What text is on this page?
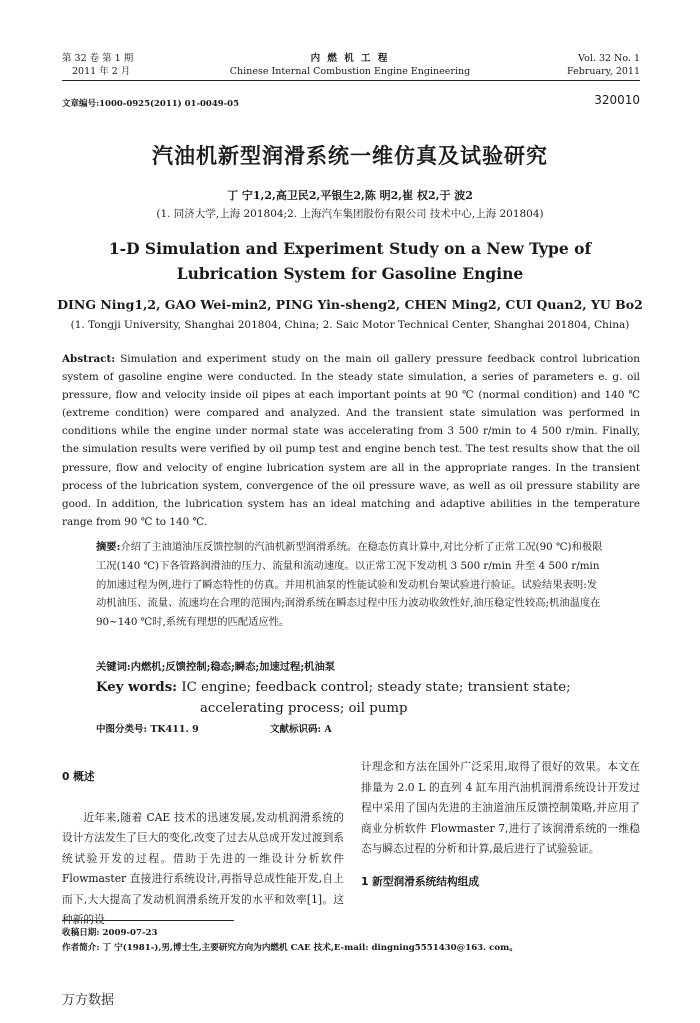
第 32 卷 第 1 期
2011 年 2 月
内 燃 机 工 程
Chinese Internal Combustion Engine Engineering
Vol. 32 No. 1
February, 2011
文章编号:1000-0925(2011) 01-0049-05	320010
汽油机新型润滑系统一维仿真及试验研究
丁 宁1,2,高卫民2,平银生2,陈 明2,崔 权2,于 波2
(1. 同济大学,上海 201804;2. 上海汽车集团股份有限公司 技术中心,上海 201804)
1-D Simulation and Experiment Study on a New Type of
Lubrication System for Gasoline Engine
DING Ning1,2, GAO Wei-min2, PING Yin-sheng2, CHEN Ming2, CUI Quan2, YU Bo2
(1. Tongji University, Shanghai 201804, China; 2. Saic Motor Technical Center, Shanghai 201804, China)
Abstract: Simulation and experiment study on the main oil gallery pressure feedback control lubrication system of gasoline engine were conducted. In the steady state simulation, a series of parameters e. g. oil pressure, flow and velocity inside oil pipes at each important points at 90 ℃ (normal condition) and 140 ℃ (extreme condition) were compared and analyzed. And the transient state simulation was performed in conditions while the engine under normal state was accelerating from 3 500 r/min to 4 500 r/min. Finally, the simulation results were verified by oil pump test and engine bench test. The test results show that the oil pressure, flow and velocity of engine lubrication system are all in the appropriate ranges. In the transient process of the lubrication system, convergence of the oil pressure wave, as well as oil pressure stability are good. In addition, the lubrication system has an ideal matching and adaptive abilities in the temperature range from 90 ℃ to 140 ℃.
摘要:介绍了主油道油压反馈控制的汽油机新型润滑系统。在稳态仿真计算中,对比分析了正常工况(90 ℃)和极限工况(140 ℃)下各管路润滑油的压力、流量和流动速度。以正常工况下发动机 3 500 r/min 升至 4 500 r/min 的加速过程为例,进行了瞬态特性的仿真。并用机油泵的性能试验和发动机台架试验进行验证。试验结果表明:发动机油压、流量、流速均在合理的范围内;润滑系统在瞬态过程中压力波动收敛性好,油压稳定性较高;机油温度在 90~140 ℃时,系统有理想的匹配适应性。
关键词:内燃机;反馈控制;稳态;瞬态;加速过程;机油泵
Key words: IC engine; feedback control; steady state; transient state;
accelerating process; oil pump
中图分类号: TK411. 9	文献标识码: A
0 概述
近年来,随着 CAE 技术的迅速发展,发动机润滑系统的设计方法发生了巨大的变化,改变了过去从总成开发过渡到系统试验开发的过程。借助于先进的一维设计分析软件 Flowmaster 直接进行系统设计,再指导总成性能开发,自上而下,大大提高了发动机润滑系统开发的水平和效率[1]。这种新的设
计理念和方法在国外广泛采用,取得了很好的效果。本文在排量为 2.0 L 的直列 4 缸车用汽油机润滑系统设计开发过程中采用了国内先进的主油道油压反馈控制策略,并应用了商业分析软件 Flowmaster 7,进行了该润滑系统的一维稳态与瞬态过程的分析和计算,最后进行了试验验证。
1 新型润滑系统结构组成
收稿日期: 2009-07-23
作者简介: 丁 宁(1981-),男,博士生,主要研究方向为内燃机 CAE 技术,E-mail: dingning5551430@163. com。
万方数据
